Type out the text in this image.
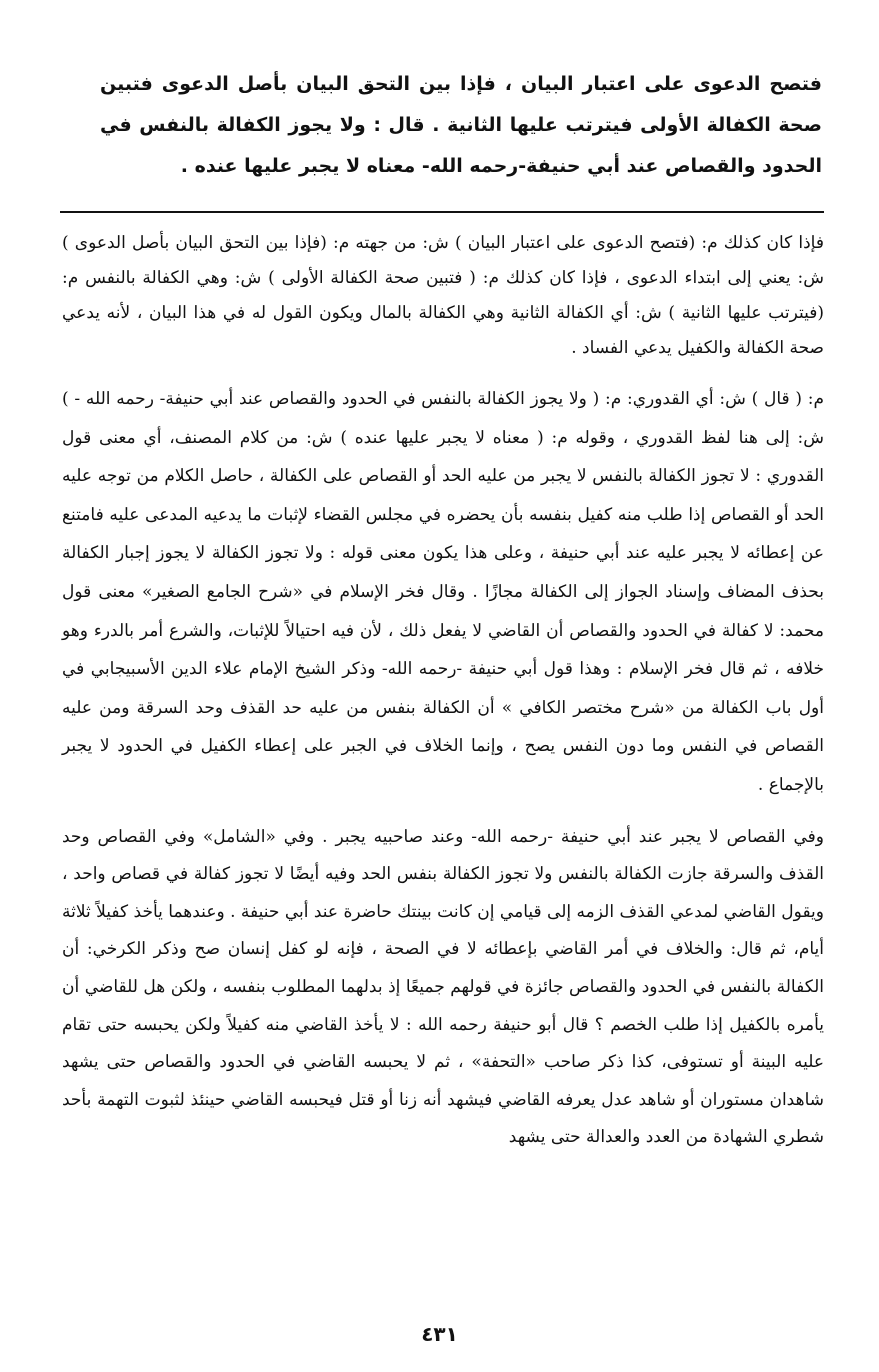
فتصح الدعوى على اعتبار البيان ، فإذا بين التحق البيان بأصل الدعوى فتبين صحة الكفالة الأولى فيترتب عليها الثانية . قال : ولا يجوز الكفالة بالنفس في الحدود والقصاص عند أبي حنيفة-رحمه الله- معناه لا يجبر عليها عنده .

فإذا كان كذلك م: (فتصح الدعوى على اعتبار البيان ) ش: من جهته م: (فإذا بين التحق البيان بأصل الدعوى ) ش: يعني إلى ابتداء الدعوى ، فإذا كان كذلك م: ( فتبين صحة الكفالة الأولى ) ش: وهي الكفالة بالنفس م: (فيترتب عليها الثانية ) ش: أي الكفالة الثانية وهي الكفالة بالمال ويكون القول له في هذا البيان ، لأنه يدعي صحة الكفالة والكفيل يدعي الفساد .

م: ( قال ) ش: أي القدوري: م: ( ولا يجوز الكفالة بالنفس في الحدود والقصاص عند أبي حنيفة- رحمه الله - ) ش: إلى هنا لفظ القدوري ، وقوله م: ( معناه لا يجبر عليها عنده ) ش: من كلام المصنف، أي معنى قول القدوري : لا تجوز الكفالة بالنفس لا يجبر من عليه الحد أو القصاص على الكفالة ، حاصل الكلام من توجه عليه الحد أو القصاص إذا طلب منه كفيل بنفسه بأن يحضره في مجلس القضاء لإثبات ما يدعيه المدعى عليه فامتنع عن إعطائه لا يجبر عليه عند أبي حنيفة ، وعلى هذا يكون معنى قوله : ولا تجوز الكفالة لا يجوز إجبار الكفالة بحذف المضاف وإسناد الجواز إلى الكفالة مجازًا . وقال فخر الإسلام في «شرح الجامع الصغير» معنى قول محمد: لا كفالة في الحدود والقصاص أن القاضي لا يفعل ذلك ، لأن فيه احتيالاً للإثبات، والشرع أمر بالدرء وهو خلافه ، ثم قال فخر الإسلام : وهذا قول أبي حنيفة -رحمه الله- وذكر الشيخ الإمام علاء الدين الأسبيجابي في أول باب الكفالة من «شرح مختصر الكافي » أن الكفالة بنفس من عليه حد القذف وحد السرقة ومن عليه القصاص في النفس وما دون النفس يصح ، وإنما الخلاف في الجبر على إعطاء الكفيل في الحدود لا يجبر بالإجماع .

وفي القصاص لا يجبر عند أبي حنيفة -رحمه الله- وعند صاحبيه يجبر . وفي «الشامل» وفي القصاص وحد القذف والسرقة جازت الكفالة بالنفس ولا تجوز الكفالة بنفس الحد وفيه أيضًا لا تجوز كفالة في قصاص واحد ، ويقول القاضي لمدعي القذف الزمه إلى قيامي إن كانت بينتك حاضرة عند أبي حنيفة . وعندهما يأخذ كفيلاً ثلاثة أيام، ثم قال: والخلاف في أمر القاضي بإعطائه لا في الصحة ، فإنه لو كفل إنسان صح وذكر الكرخي: أن الكفالة بالنفس في الحدود والقصاص جائزة في قولهم جميعًا إذ بدلهما المطلوب بنفسه ، ولكن هل للقاضي أن يأمره بالكفيل إذا طلب الخصم ؟ قال أبو حنيفة رحمه الله : لا يأخذ القاضي منه كفيلاً ولكن يحبسه حتى تقام عليه البينة أو تستوفى، كذا ذكر صاحب «التحفة» ، ثم لا يحبسه القاضي في الحدود والقصاص حتى يشهد شاهدان مستوران أو شاهد عدل يعرفه القاضي فيشهد أنه زنا أو قتل فيحبسه القاضي حينئذ لثبوت التهمة بأحد شطري الشهادة من العدد والعدالة حتى يشهد

٤٣١
